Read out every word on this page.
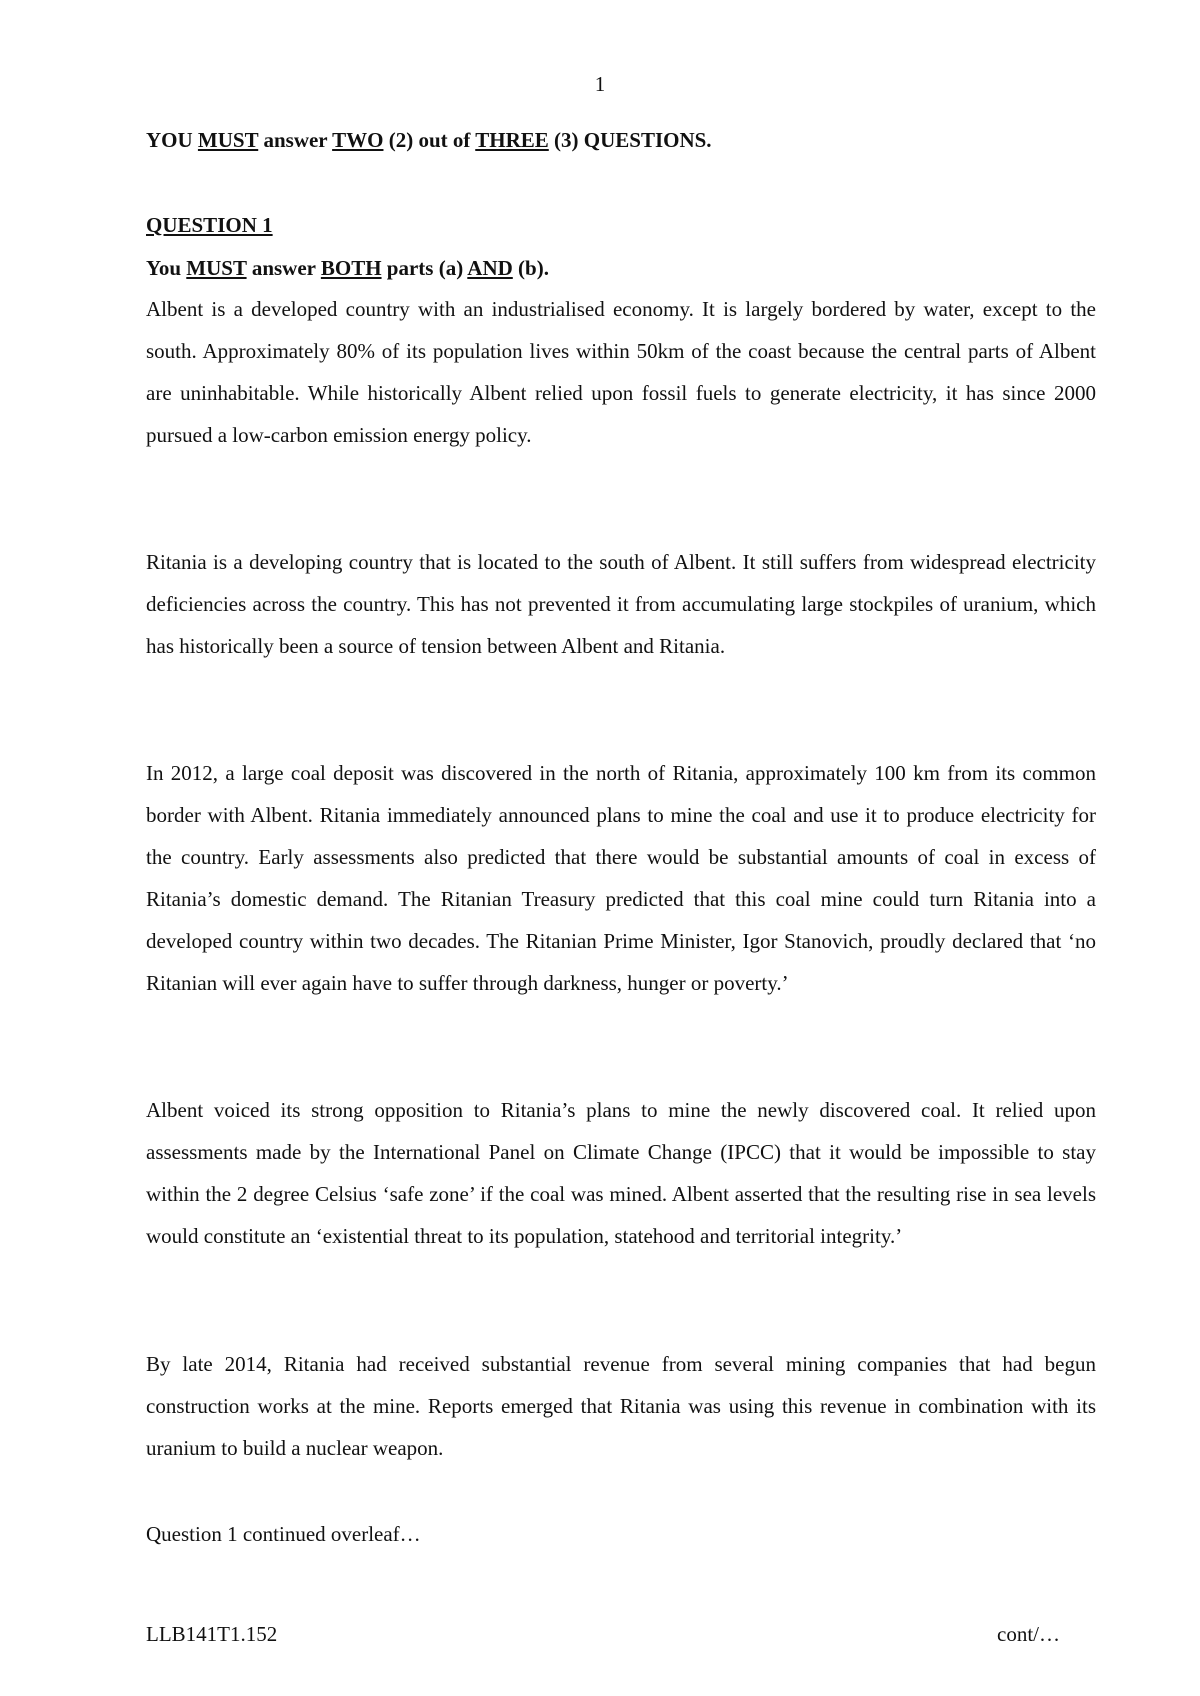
1

YOU MUST answer TWO (2) out of THREE (3) QUESTIONS.

QUESTION 1

You MUST answer BOTH parts (a) AND (b).

Albent is a developed country with an industrialised economy. It is largely bordered by water, except to the south. Approximately 80% of its population lives within 50km of the coast because the central parts of Albent are uninhabitable. While historically Albent relied upon fossil fuels to generate electricity, it has since 2000 pursued a low-carbon emission energy policy.

Ritania is a developing country that is located to the south of Albent. It still suffers from widespread electricity deficiencies across the country. This has not prevented it from accumulating large stockpiles of uranium, which has historically been a source of tension between Albent and Ritania.

In 2012, a large coal deposit was discovered in the north of Ritania, approximately 100 km from its common border with Albent. Ritania immediately announced plans to mine the coal and use it to produce electricity for the country. Early assessments also predicted that there would be substantial amounts of coal in excess of Ritania’s domestic demand. The Ritanian Treasury predicted that this coal mine could turn Ritania into a developed country within two decades. The Ritanian Prime Minister, Igor Stanovich, proudly declared that ‘no Ritanian will ever again have to suffer through darkness, hunger or poverty.’

Albent voiced its strong opposition to Ritania’s plans to mine the newly discovered coal. It relied upon assessments made by the International Panel on Climate Change (IPCC) that it would be impossible to stay within the 2 degree Celsius ‘safe zone’ if the coal was mined. Albent asserted that the resulting rise in sea levels would constitute an ‘existential threat to its population, statehood and territorial integrity.’

By late 2014, Ritania had received substantial revenue from several mining companies that had begun construction works at the mine. Reports emerged that Ritania was using this revenue in combination with its uranium to build a nuclear weapon.

Question 1 continued overleaf…

LLB141T1.152	cont/…
